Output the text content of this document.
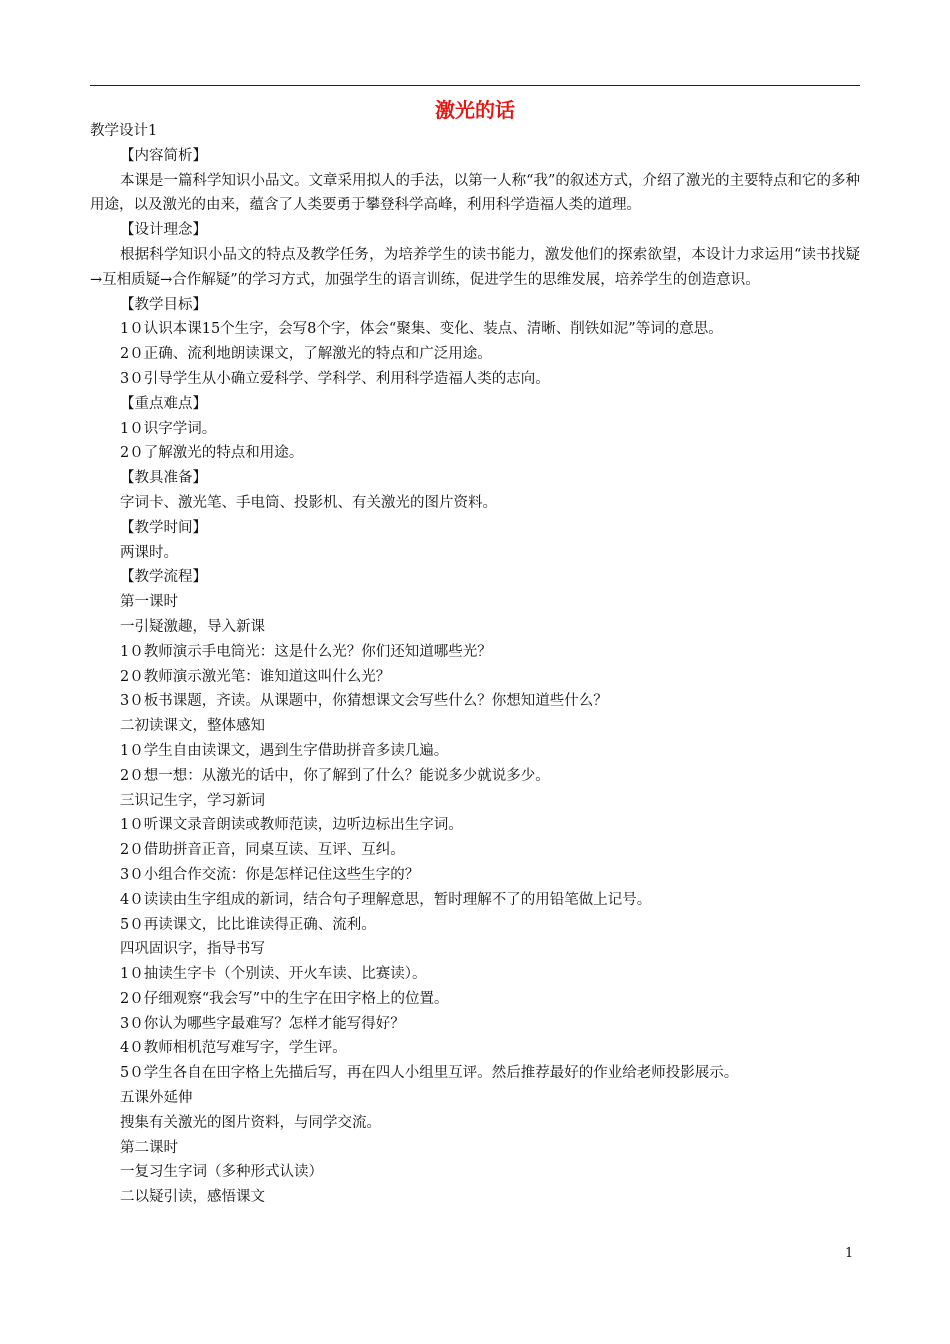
激光的话
教学设计1
【内容简析】
本课是一篇科学知识小品文。文章采用拟人的手法，以第一人称“我”的叙述方式，介绍了激光的主要特点和它的多种用途，以及激光的由来，蕴含了人类要勇于攀登科学高峰，利用科学造福人类的道理。
【设计理念】
根据科学知识小品文的特点及教学任务，为培养学生的读书能力，激发他们的探索欲望，本设计力求运用“读书找疑→互相质疑→合作解疑”的学习方式，加强学生的语言训练，促进学生的思维发展，培养学生的创造意识。
【教学目标】
1０认识本课15个生字，会写8个字，体会“聚集、变化、装点、清晰、削铁如泥”等词的意思。
2０正确、流利地朗读课文，了解激光的特点和广泛用途。
3０引导学生从小确立爱科学、学科学、利用科学造福人类的志向。
【重点难点】
1０识字学词。
2０了解激光的特点和用途。
【教具准备】
字词卡、激光笔、手电筒、投影机、有关激光的图片资料。
【教学时间】
两课时。
【教学流程】
第一课时
一引疑激趣，导入新课
1０教师演示手电筒光：这是什么光？你们还知道哪些光？
2０教师演示激光笔：谁知道这叫什么光？
3０板书课题，齐读。从课题中，你猜想课文会写些什么？你想知道些什么？
二初读课文，整体感知
1０学生自由读课文，遇到生字借助拼音多读几遍。
2０想一想：从激光的话中，你了解到了什么？能说多少就说多少。
三识记生字，学习新词
1０听课文录音朗读或教师范读，边听边标出生字词。
2０借助拼音正音，同桌互读、互评、互纠。
3０小组合作交流：你是怎样记住这些生字的？
4０读读由生字组成的新词，结合句子理解意思，暂时理解不了的用铅笔做上记号。
5０再读课文，比比谁读得正确、流利。
四巩固识字，指导书写
1０抽读生字卡（个别读、开火车读、比赛读）。
2０仔细观察“我会写”中的生字在田字格上的位置。
3０你认为哪些字最难写？怎样才能写得好？
4０教师相机范写难写字，学生评。
5０学生各自在田字格上先描后写，再在四人小组里互评。然后推荐最好的作业给老师投影展示。
五课外延伸
搜集有关激光的图片资料，与同学交流。
第二课时
一复习生字词（多种形式认读）
二以疑引读，感悟课文
1
